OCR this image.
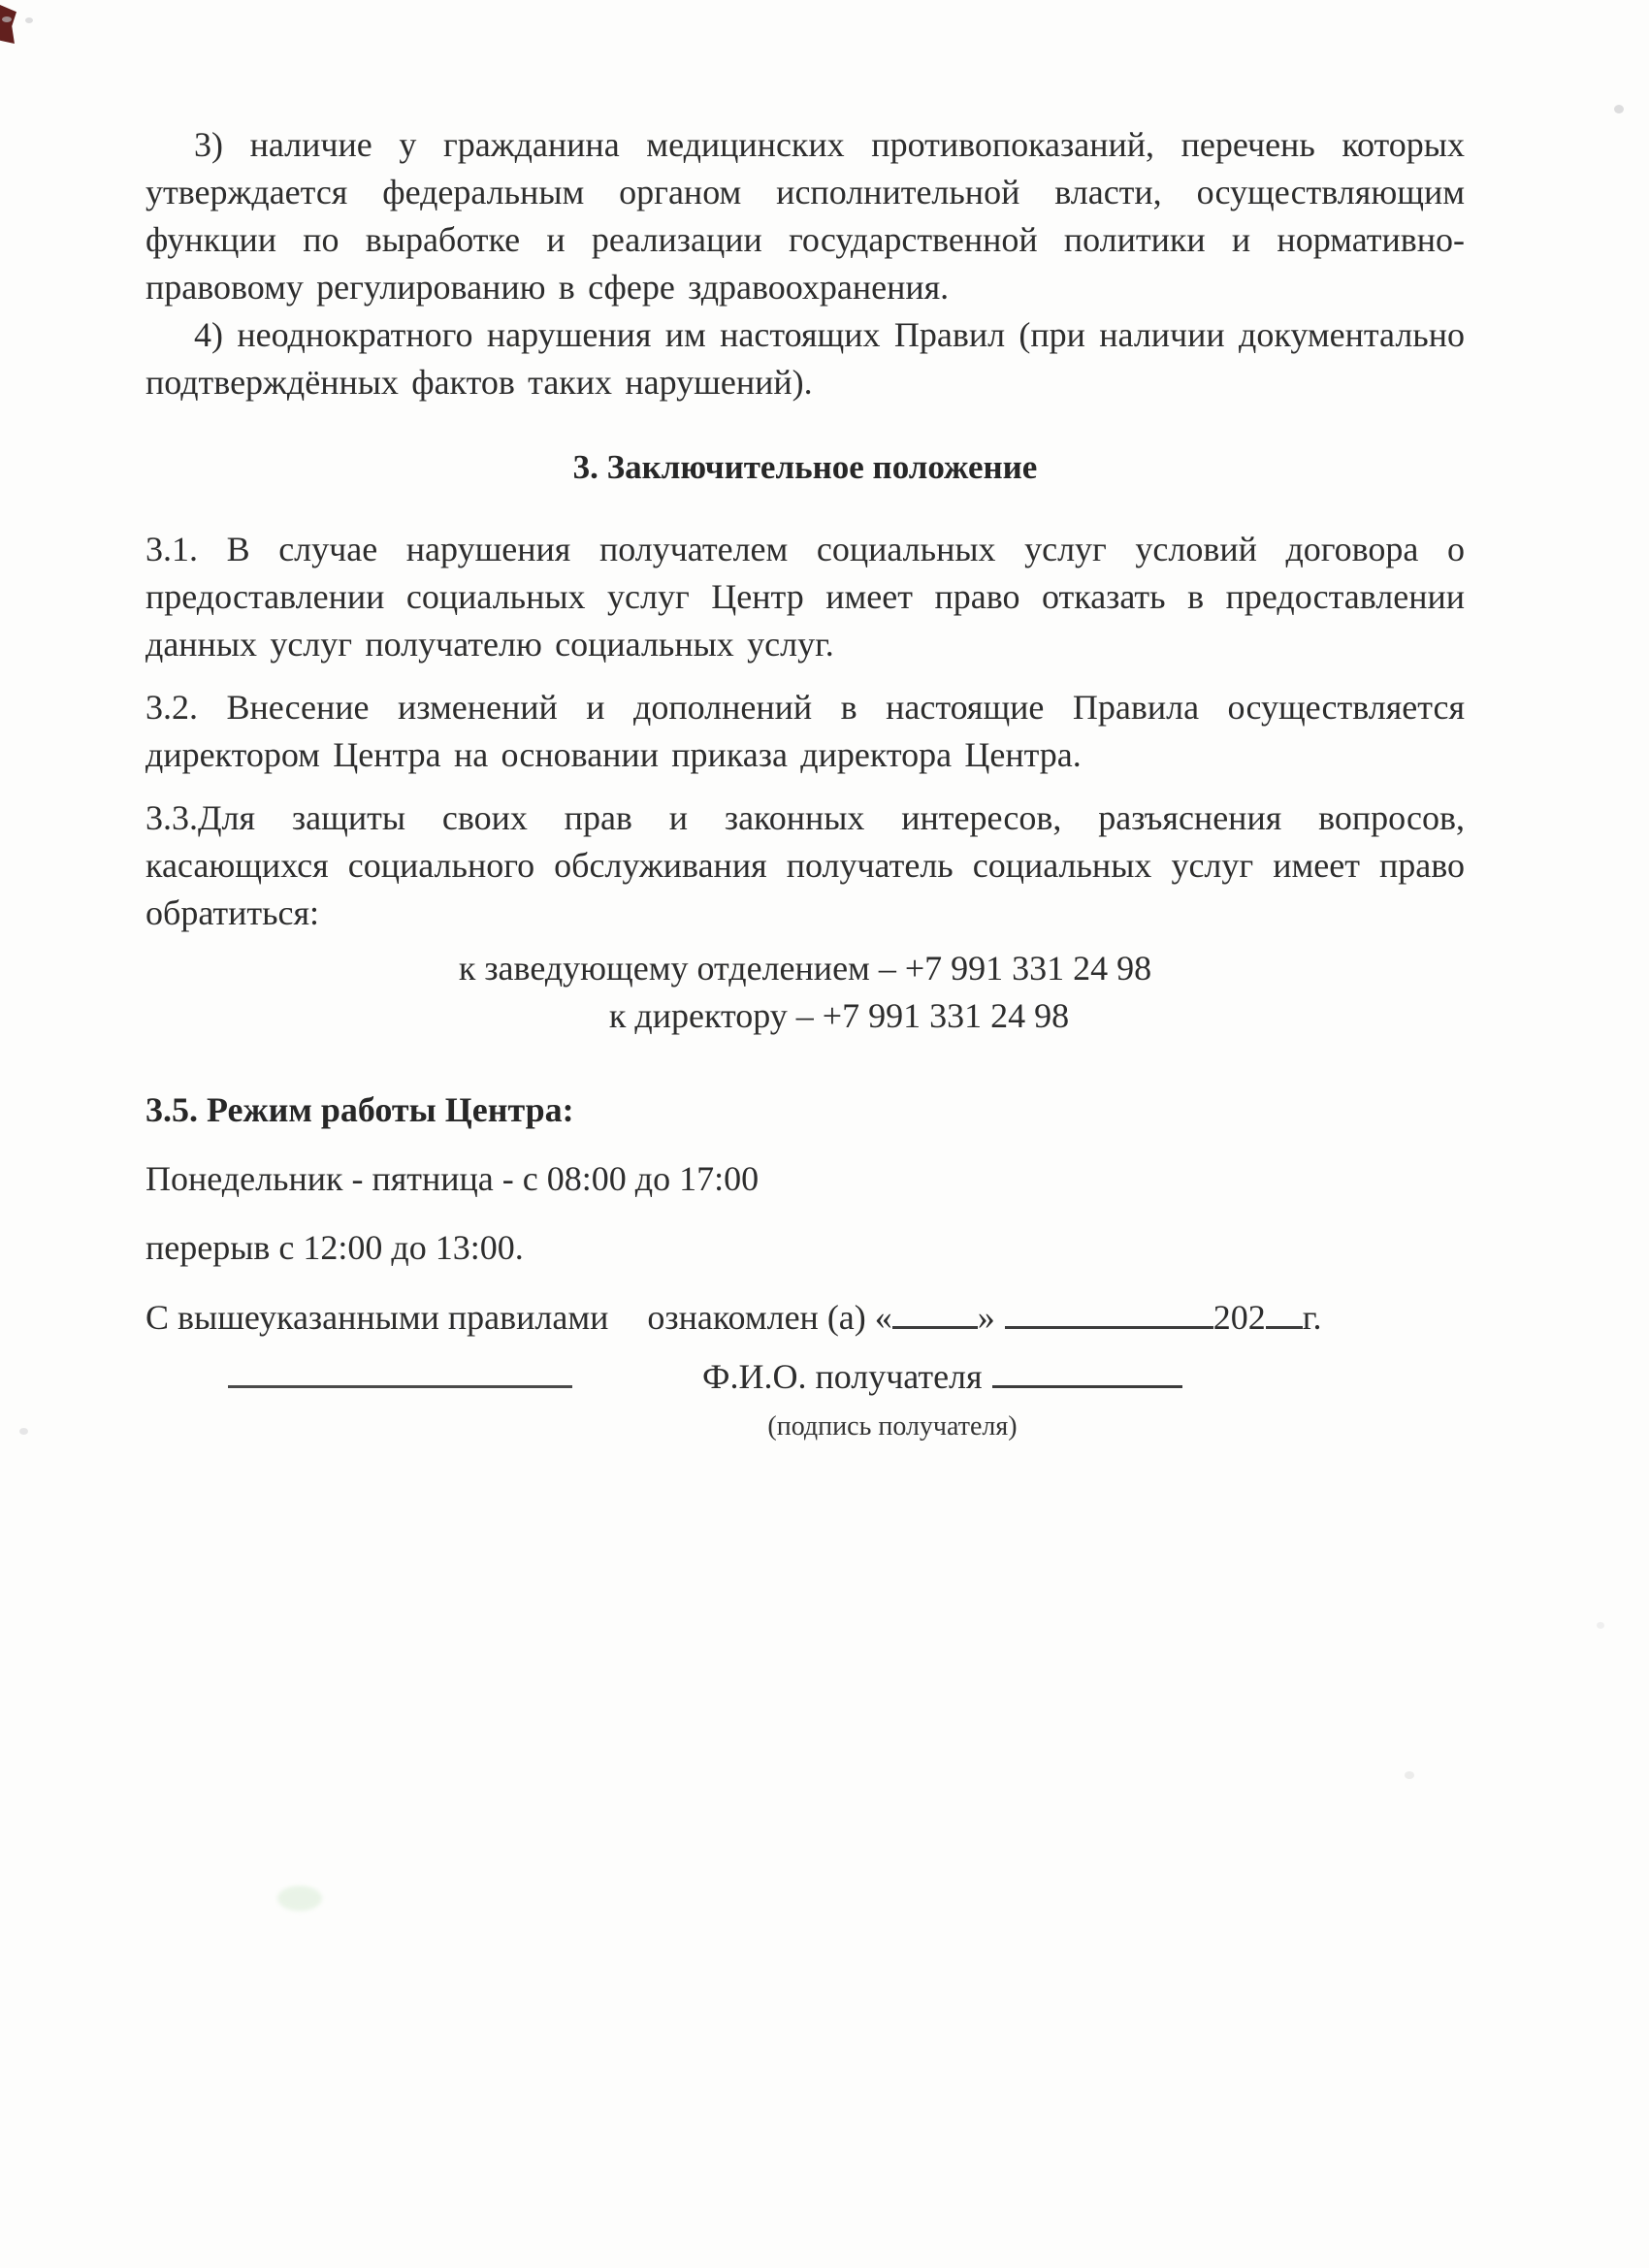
3) наличие у гражданина медицинских противопоказаний, перечень которых утверждается федеральным органом исполнительной власти, осуществляющим функции по выработке и реализации государственной политики и нормативно-правовому регулированию в сфере здравоохранения.

4) неоднократного нарушения им настоящих Правил (при наличии документально подтверждённых фактов таких нарушений).

3. Заключительное положение

3.1. В случае нарушения получателем социальных услуг условий договора о предоставлении социальных услуг Центр имеет право отказать в предоставлении данных услуг получателю социальных услуг.

3.2. Внесение изменений и дополнений в настоящие Правила осуществляется директором Центра на основании приказа директора Центра.

3.3.Для защиты своих прав и законных интересов, разъяснения вопросов, касающихся социального обслуживания получатель социальных услуг имеет право обратиться:

к заведующему отделением – +7 991 331 24 98

к директору – +7 991 331 24 98

3.5. Режим работы Центра:

Понедельник - пятница - с 08:00 до 17:00

перерыв с 12:00 до 13:00.

С вышеуказанными правилами ознакомлен (а) « »	202 г.

Ф.И.О. получателя

(подпись получателя)
